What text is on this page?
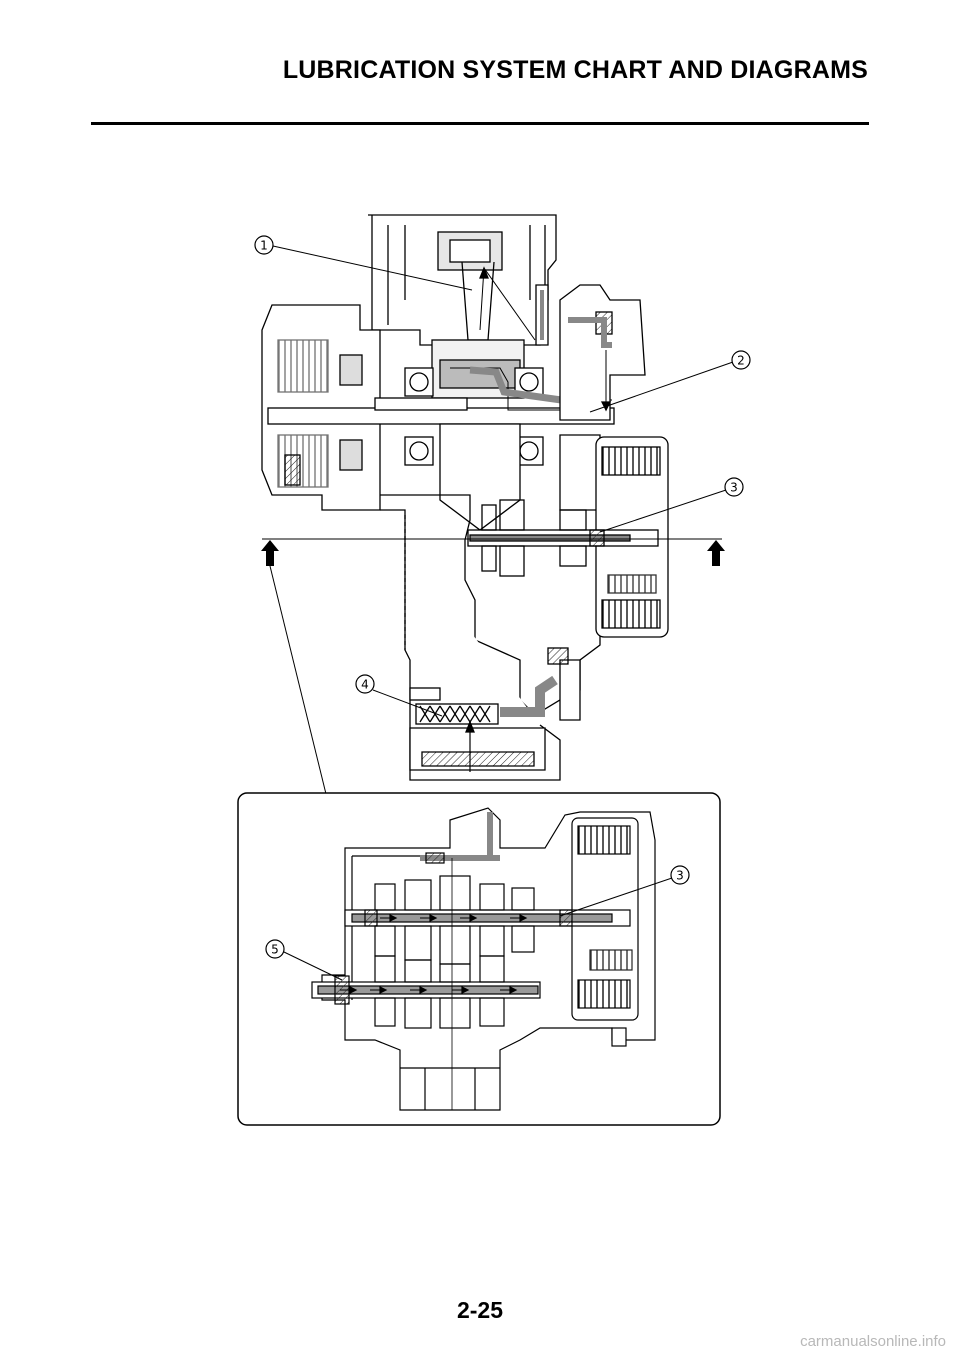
LUBRICATION SYSTEM CHART AND DIAGRAMS
1
2
3
4
3
5
2-25
carmanualsonline.info
